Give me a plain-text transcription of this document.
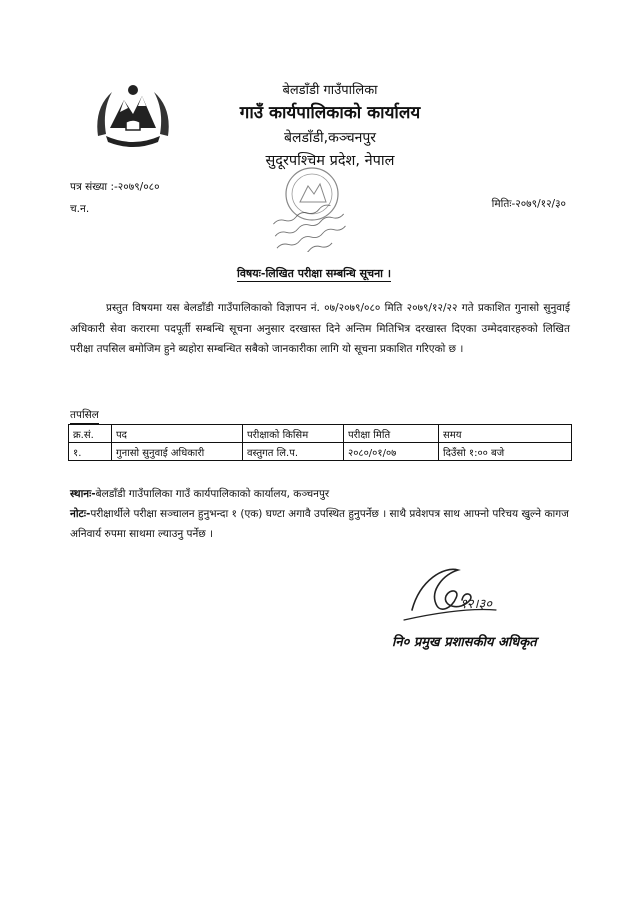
बेलडाँडी गाउँपालिका
गाउँ कार्यपालिकाको कार्यालय
बेलडाँडी,कञ्चनपुर
सुदूरपश्चिम प्रदेश, नेपाल
पत्र संख्या :-२०७९/०८०
च.न.	मितिः-२०७९/१२/३०
विषयः-लिखित परीक्षा सम्बन्धि सूचना ।
प्रस्तुत विषयमा यस बेलडाँडी गाउँपालिकाको विज्ञापन नं. ०७/२०७९/०८० मिति २०७९/१२/२२ गते प्रकाशित गुनासो सुनुवाई अधिकारी सेवा करारमा पदपूर्ती सम्बन्धि सूचना अनुसार दरखास्त दिने अन्तिम मितिभित्र दरखास्त दिएका उम्मेदवारहरुको लिखित परीक्षा तपसिल बमोजिम हुने ब्यहोरा सम्बन्धित सबैको जानकारीका लागि यो सूचना प्रकाशित गरिएको छ ।
तपसिल
क्र.सं.	पद	परीक्षाको किसिम	परीक्षा मिति	समय
१.	गुनासो सुनुवाई अधिकारी	वस्तुगत लि.प.	२०८०/०१/०७	दिउँसो १:०० बजे
स्थानः-बेलडाँडी गाउँपालिका गाउँ कार्यपालिकाको कार्यालय, कञ्चनपुर
नोटः-परीक्षार्थीले परीक्षा सञ्चालन हुनुभन्दा १ (एक) घण्टा अगावै उपस्थित हुनुपर्नेछ । साथै प्रवेशपत्र साथ आफ्नो परिचय खुल्ने कागज अनिवार्य रुपमा साथमा ल्याउनु पर्नेछ ।
१२।३०
नि० प्रमुख प्रशासकीय अधिकृत
